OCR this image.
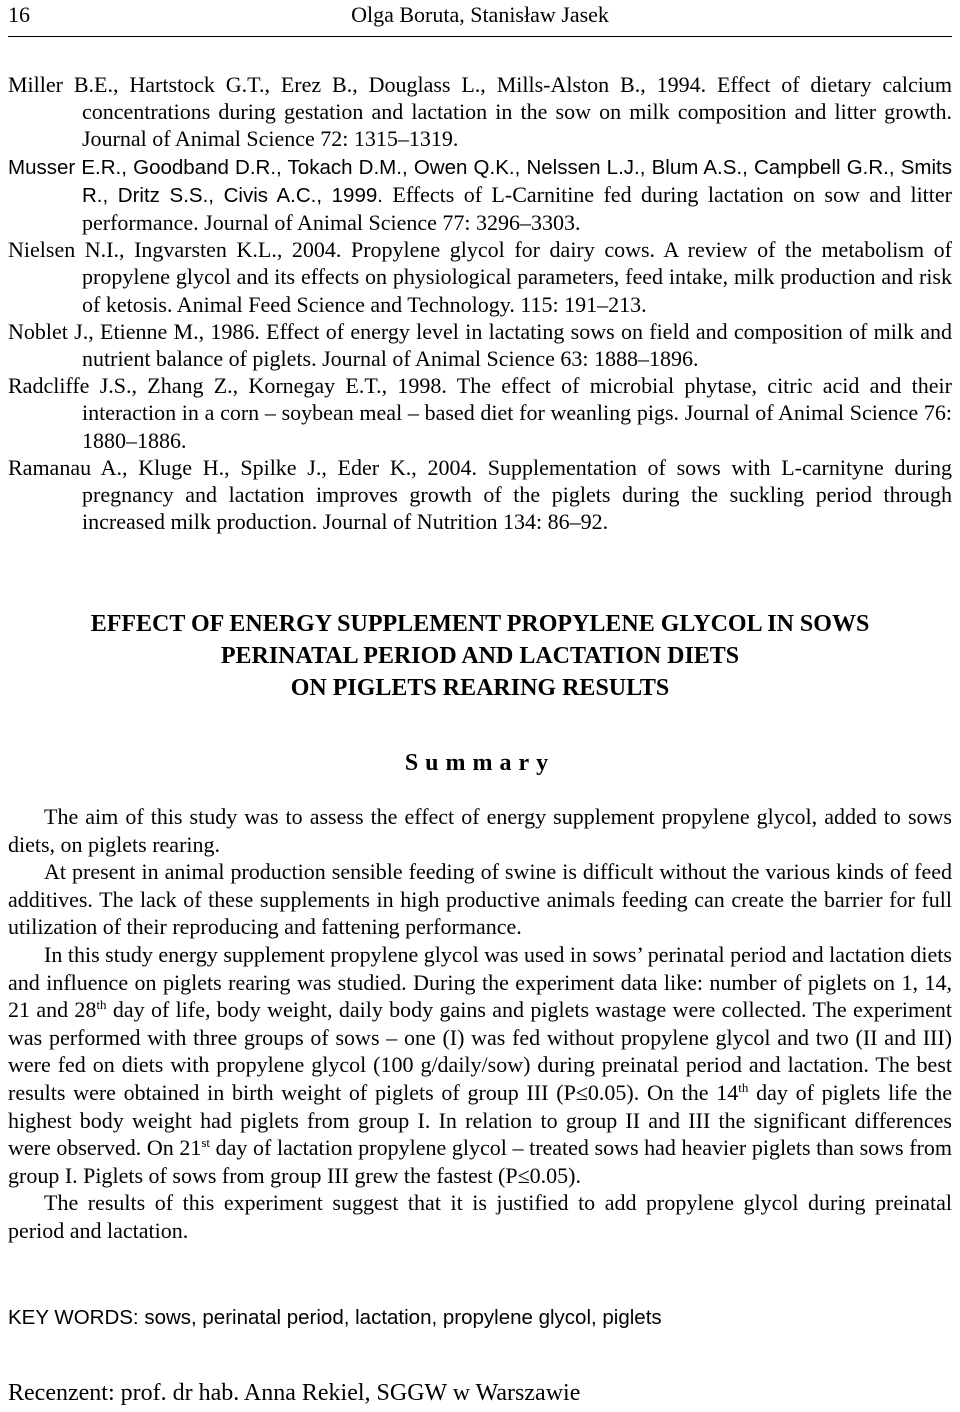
16	Olga Boruta, Stanisław Jasek

Miller B.E., Hartstock G.T., Erez B., Douglass L., Mills-Alston B., 1994. Effect of dietary calcium concentrations during gestation and lactation in the sow on milk composition and litter growth. Journal of Animal Science 72: 1315–1319.

Musser E.R., Goodband D.R., Tokach D.M., Owen Q.K., Nelssen L.J., Blum A.S., Campbell G.R., Smits R., Dritz S.S., Civis A.C., 1999. Effects of L-Carnitine fed during lactation on sow and litter performance. Journal of Animal Science 77: 3296–3303.

Nielsen N.I., Ingvarsten K.L., 2004. Propylene glycol for dairy cows. A review of the metabolism of propylene glycol and its effects on physiological parameters, feed intake, milk production and risk of ketosis. Animal Feed Science and Technology. 115: 191–213.

Noblet J., Etienne M., 1986. Effect of energy level in lactating sows on field and composition of milk and nutrient balance of piglets. Journal of Animal Science 63: 1888–1896.

Radcliffe J.S., Zhang Z., Kornegay E.T., 1998. The effect of microbial phytase, citric acid and their interaction in a corn – soybean meal – based diet for weanling pigs. Journal of Animal Science 76: 1880–1886.

Ramanau A., Kluge H., Spilke J., Eder K., 2004. Supplementation of sows with L-carnityne during pregnancy and lactation improves growth of the piglets during the suckling period through increased milk production. Journal of Nutrition 134: 86–92.

EFFECT OF ENERGY SUPPLEMENT PROPYLENE GLYCOL IN SOWS
PERINATAL PERIOD AND LACTATION DIETS
ON PIGLETS REARING RESULTS
Summary

The aim of this study was to assess the effect of energy supplement propylene glycol, added to sows diets, on piglets rearing.

At present in animal production sensible feeding of swine is difficult without the various kinds of feed additives. The lack of these supplements in high productive animals feeding can create the barrier for full utilization of their reproducing and fattening performance.

In this study energy supplement propylene glycol was used in sows’ perinatal period and lactation diets and influence on piglets rearing was studied. During the experiment data like: number of piglets on 1, 14, 21 and 28th day of life, body weight, daily body gains and piglets wastage were collected. The experiment was performed with three groups of sows – one (I) was fed without propylene glycol and two (II and III) were fed on diets with propylene glycol (100 g/daily/sow) during preinatal period and lactation. The best results were obtained in birth weight of piglets of group III (P≤0.05). On the 14th day of piglets life the highest body weight had piglets from group I. In relation to group II and III the significant differences were observed. On 21st day of lactation propylene glycol – treated sows had heavier piglets than sows from group I. Piglets of sows from group III grew the fastest (P≤0.05).

The results of this experiment suggest that it is justified to add propylene glycol during preinatal period and lactation.

KEY WORDS: sows, perinatal period, lactation, propylene glycol, piglets
Recenzent: prof. dr hab. Anna Rekiel, SGGW w Warszawie
